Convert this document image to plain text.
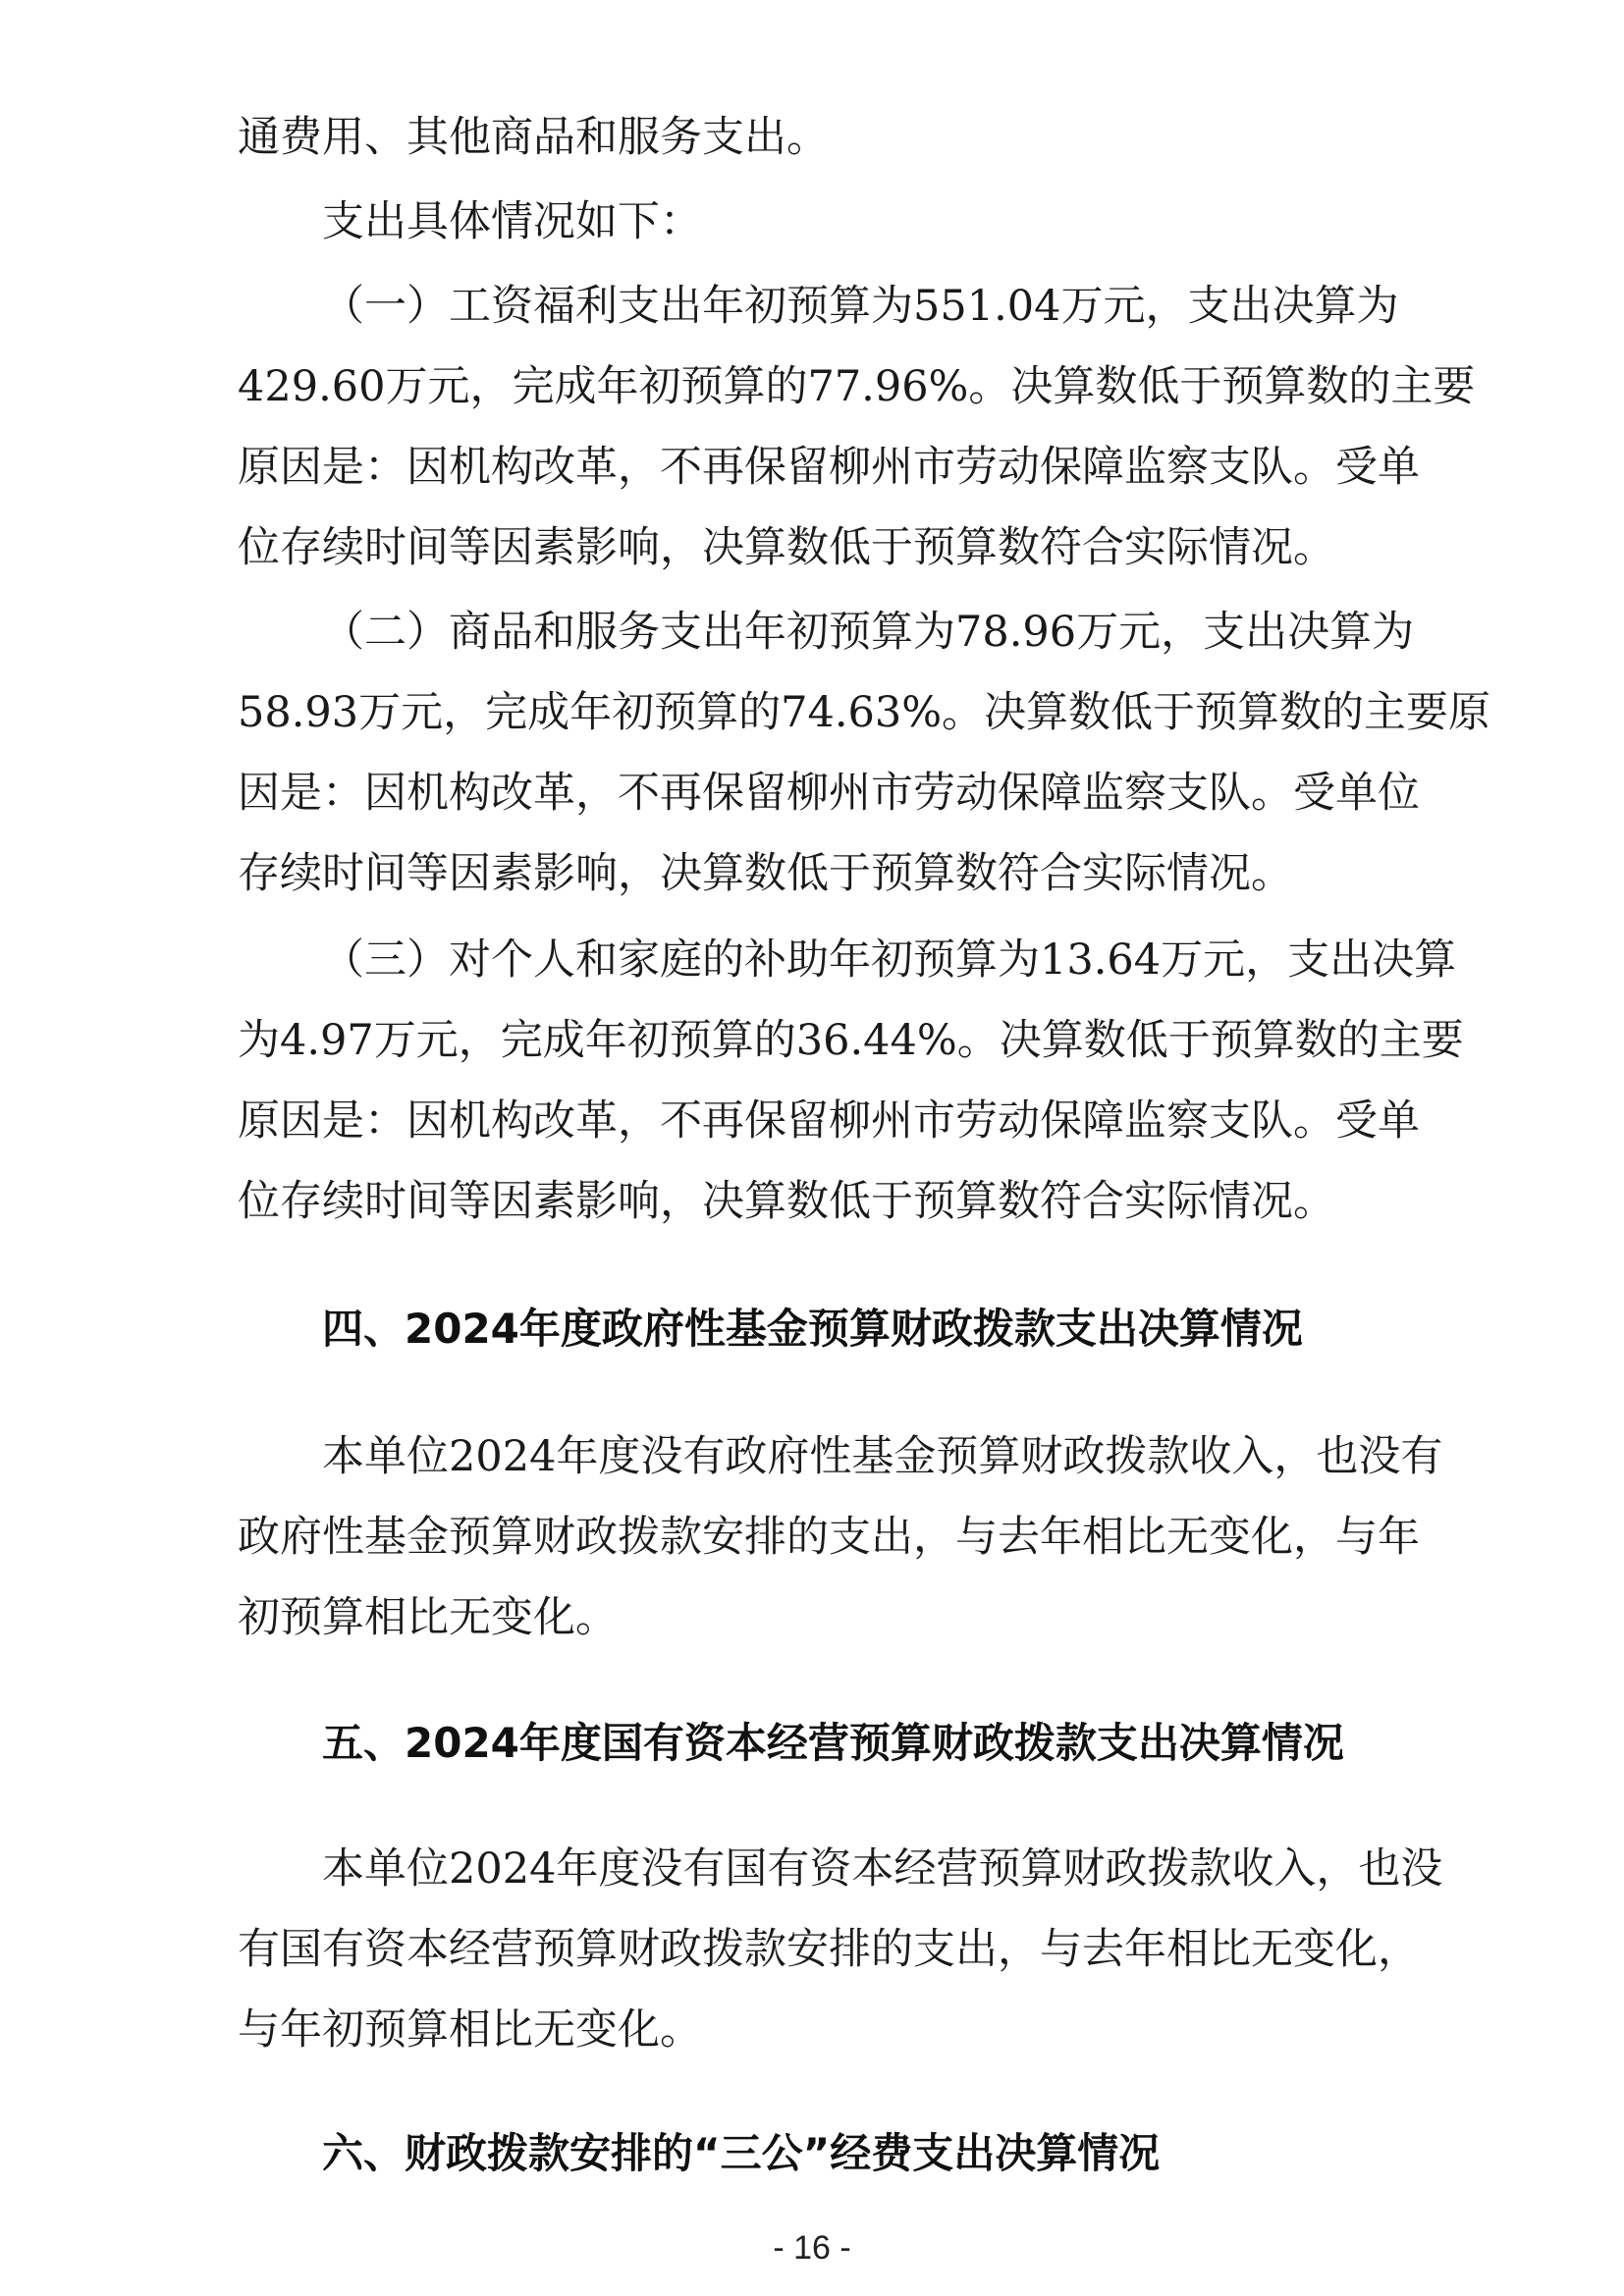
通费用、其他商品和服务支出。

支出具体情况如下：

（一）工资福利支出年初预算为551.04万元，支出决算为

429.60万元，完成年初预算的77.96%。决算数低于预算数的主要

原因是：因机构改革，不再保留柳州市劳动保障监察支队。受单

位存续时间等因素影响，决算数低于预算数符合实际情况。

（二）商品和服务支出年初预算为78.96万元，支出决算为

58.93万元，完成年初预算的74.63%。决算数低于预算数的主要原

因是：因机构改革，不再保留柳州市劳动保障监察支队。受单位

存续时间等因素影响，决算数低于预算数符合实际情况。

（三）对个人和家庭的补助年初预算为13.64万元，支出决算

为4.97万元，完成年初预算的36.44%。决算数低于预算数的主要

原因是：因机构改革，不再保留柳州市劳动保障监察支队。受单

位存续时间等因素影响，决算数低于预算数符合实际情况。

四、2024年度政府性基金预算财政拨款支出决算情况

本单位2024年度没有政府性基金预算财政拨款收入，也没有

政府性基金预算财政拨款安排的支出，与去年相比无变化，与年

初预算相比无变化。

五、2024年度国有资本经营预算财政拨款支出决算情况

本单位2024年度没有国有资本经营预算财政拨款收入，也没

有国有资本经营预算财政拨款安排的支出，与去年相比无变化，

与年初预算相比无变化。

六、财政拨款安排的“三公”经费支出决算情况
- 16 -
